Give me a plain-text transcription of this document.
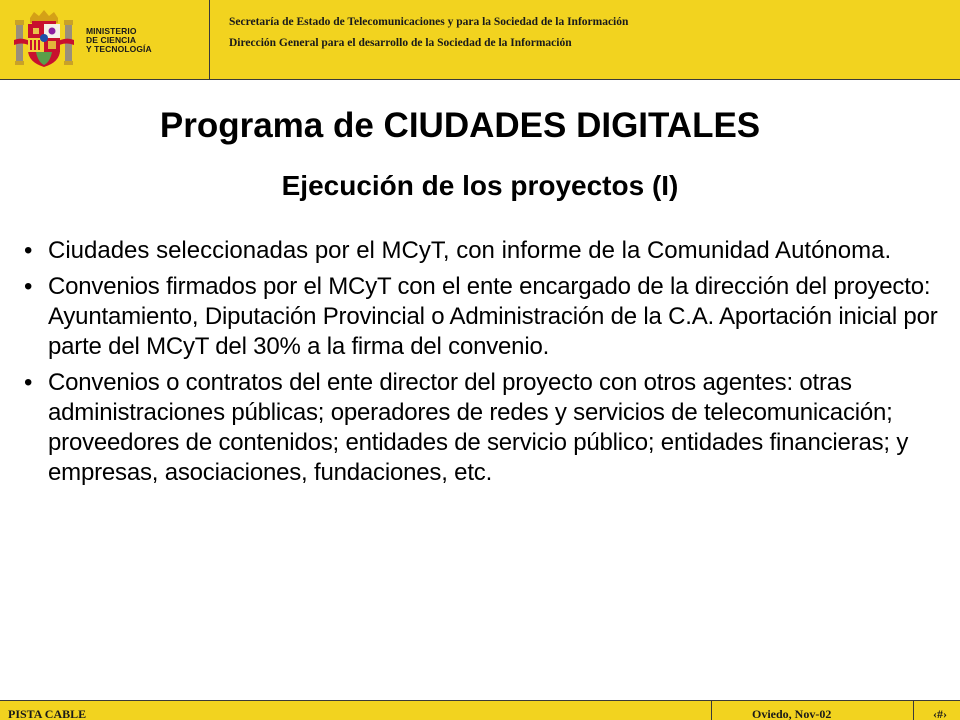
MINISTERIO
DE CIENCIA
Y TECNOLOGÍA
Secretaría de Estado de Telecomunicaciones y para la Sociedad de la Información
Dirección General para el desarrollo de la Sociedad de la Información
Programa de CIUDADES DIGITALES
Ejecución de los proyectos (I)
• Ciudades seleccionadas por el MCyT, con informe de la Comunidad Autónoma.
• Convenios firmados por el MCyT con el ente encargado de la dirección del proyecto: Ayuntamiento, Diputación Provincial o Administración de la C.A. Aportación inicial por parte del MCyT del 30% a la firma del convenio.
• Convenios o contratos del ente director del proyecto con otros agentes: otras administraciones públicas; operadores de redes y servicios de telecomunicación; proveedores de contenidos; entidades de servicio público; entidades financieras; y empresas, asociaciones, fundaciones, etc.
PISTA CABLE	Oviedo, Nov-02	‹#›
